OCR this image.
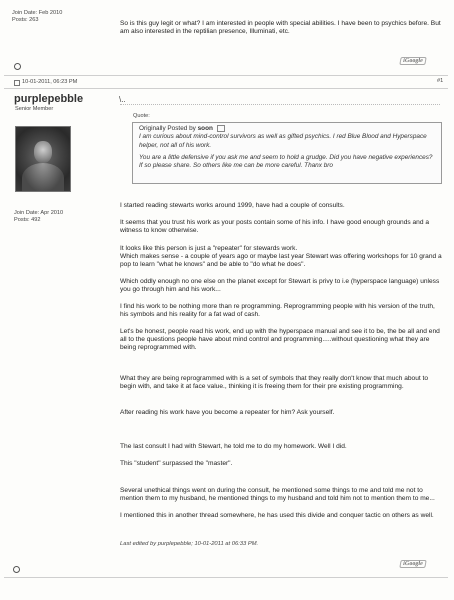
Join Date: Feb 2010
Posts: 263	So is this guy legit or what? I am interested in people with special abilities. I have been to psychics before. But am also interested in the reptilian presence, Illuminati, etc.
iGoogle
10-01-2011, 06:23 PM	#1
purplepebble
Senior Member
Join Date: Apr 2010
Posts: 492
\..
Quote:
Originally Posted by soon
I am curious about mind-control survivors as well as gifted psychics. I red Blue Blood and Hyperspace helper, not all of his work.
You are a little defensive if you ask me and seem to hold a grudge. Did you have negative experiences? If so please share. So others like me can be more careful. Thanx bro
I started reading stewarts works around 1999, have had a couple of consults.
It seems that you trust his work as your posts contain some of his info. I have good enough grounds and a witness to know otherwise.
It looks like this person is just a "repeater" for stewards work.
Which makes sense - a couple of years ago or maybe last year Stewart was offering workshops for 10 grand a pop to learn "what he knows" and be able to "do what he does".
Which oddly enough no one else on the planet except for Stewart is privy to i.e (hyperspace language) unless you go through him and his work...
I find his work to be nothing more than re programming. Reprogramming people with his version of the truth, his symbols and his reality for a fat wad of cash.
Let's be honest, people read his work, end up with the hyperspace manual and see it to be, the be all and end all to the questions people have about mind control and programming.....without questioning what they are being reprogrammed with.
What they are being reprogrammed with is a set of symbols that they really don't know that much about to begin with, and take it at face value., thinking it is freeing them for their pre existing programming.
After reading his work have you become a repeater for him? Ask yourself.
The last consult I had with Stewart, he told me to do my homework. Well I did.
This "student" surpassed the "master".
Several unethical things went on during the consult, he mentioned some things to me and told me not to mention them to my husband, he mentioned things to my husband and told him not to mention them to me...
I mentioned this in another thread somewhere, he has used this divide and conquer tactic on others as well.
Last edited by purplepebble; 10-01-2011 at 06:33 PM.
iGoogle
